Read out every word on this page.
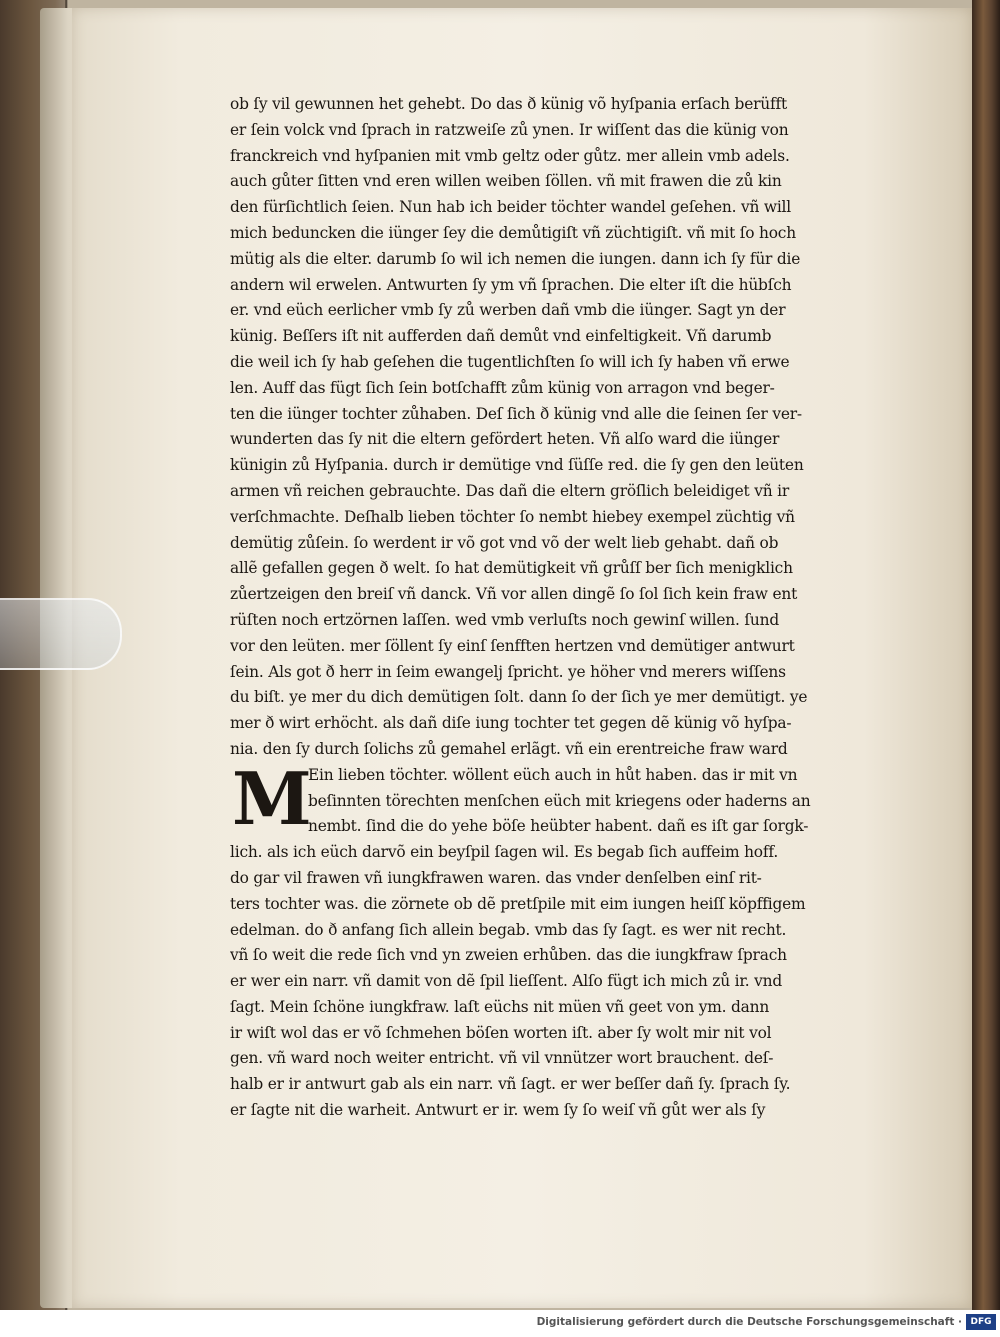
ob ſy vil gewunnen het gehebt. Do das ð künig võ hyſpania erſach berüfft
er ſein volck vnd ſprach in ratzweiſe zů ynen. Ir wiſſent das die künig von
franckreich vnd hyſpanien mit vmb geltz oder gůtz. mer allein vmb adels.
auch gůter ſitten vnd eren willen weiben ſöllen. vñ mit frawen die zů kin
den fürſichtlich ſeien. Nun hab ich beider töchter wandel geſehen. vñ will
mich beduncken die iünger ſey die demůtigiſt vñ züchtigiſt. vñ mit ſo hoch
mütig als die elter. darumb ſo wil ich nemen die iungen. dann ich ſy für die
andern wil erwelen. Antwurten ſy ym vñ ſprachen. Die elter iſt die hübſch
er. vnd eüch eerlicher vmb ſy zů werben dañ vmb die iünger. Sagt yn der
künig. Beſſers iſt nit aufferden dañ demůt vnd einfeltigkeit. Vñ darumb
die weil ich ſy hab geſehen die tugentlichſten ſo will ich ſy haben vñ erwe
len. Auff das fügt ſich ſein botſchafft zům künig von arragon vnd beger-
ten die iünger tochter zůhaben. Deſ ſich ð künig vnd alle die ſeinen ſer ver-
wunderten das ſy nit die eltern gefördert heten. Vñ alſo ward die iünger
künigin zů Hyſpania. durch ir demütige vnd ſüſſe red. die ſy gen den leüten
armen vñ reichen gebrauchte. Das dañ die eltern gröſlich beleidiget vñ ir
verſchmachte. Deſhalb lieben töchter ſo nembt hiebey exempel züchtig vñ
demütig zůſein. ſo werdent ir võ got vnd võ der welt lieb gehabt. dañ ob
allẽ gefallen gegen ð welt. ſo hat demütigkeit vñ grůſſ ber ſich menigklich
zůertzeigen den breiſ vñ danck. Vñ vor allen dingẽ ſo ſol ſich kein fraw ent
rüſten noch ertzörnen laſſen. wed vmb verluſts noch gewinſ willen. ſund
vor den leüten. mer ſöllent ſy einſ ſenfften hertzen vnd demütiger antwurt
ſein. Als got ð herr in ſeim ewangelj ſpricht. ye höher vnd merers wiſſens
du biſt. ye mer du dich demütigen ſolt. dann ſo der ſich ye mer demütigt. ye
mer ð wirt erhöcht. als dañ diſe iung tochter tet gegen dẽ künig võ hyſpa-
nia. den ſy durch ſolichs zů gemahel erlãgt. vñ ein erentreiche fraw ward
Ein lieben töchter. wöllent eüch auch in hůt haben. das ir mit vn
beſinnten törechten menſchen eüch mit kriegens oder haderns an
nembt. ſind die do yehe böſe heübter habent. dañ es iſt gar ſorgk-
lich. als ich eüch darvõ ein beyſpil ſagen wil. Es begab ſich auffeim hoff.
do gar vil frawen vñ iungkfrawen waren. das vnder denſelben einſ rit-
ters tochter was. die zörnete ob dẽ pretſpile mit eim iungen heiſſ köpffigem
edelman. do ð anfang ſich allein begab. vmb das ſy ſagt. es wer nit recht.
vñ ſo weit die rede ſich vnd yn zweien erhůben. das die iungkfraw ſprach
er wer ein narr. vñ damit von dẽ ſpil lieſſent. Alſo fügt ich mich zů ir. vnd
ſagt. Mein ſchöne iungkfraw. laſt eüchs nit müen vñ geet von ym. dann
ir wiſt wol das er võ ſchmehen böſen worten iſt. aber ſy wolt mir nit vol
gen. vñ ward noch weiter entricht. vñ vil vnnützer wort brauchent. deſ-
halb er ir antwurt gab als ein narr. vñ ſagt. er wer beſſer dañ ſy. ſprach ſy.
er ſagte nit die warheit. Antwurt er ir. wem ſy ſo weiſ vñ gůt wer als ſy
M
Digitalisierung gefördert durch die Deutsche Forschungsgemeinschaft · DFG
